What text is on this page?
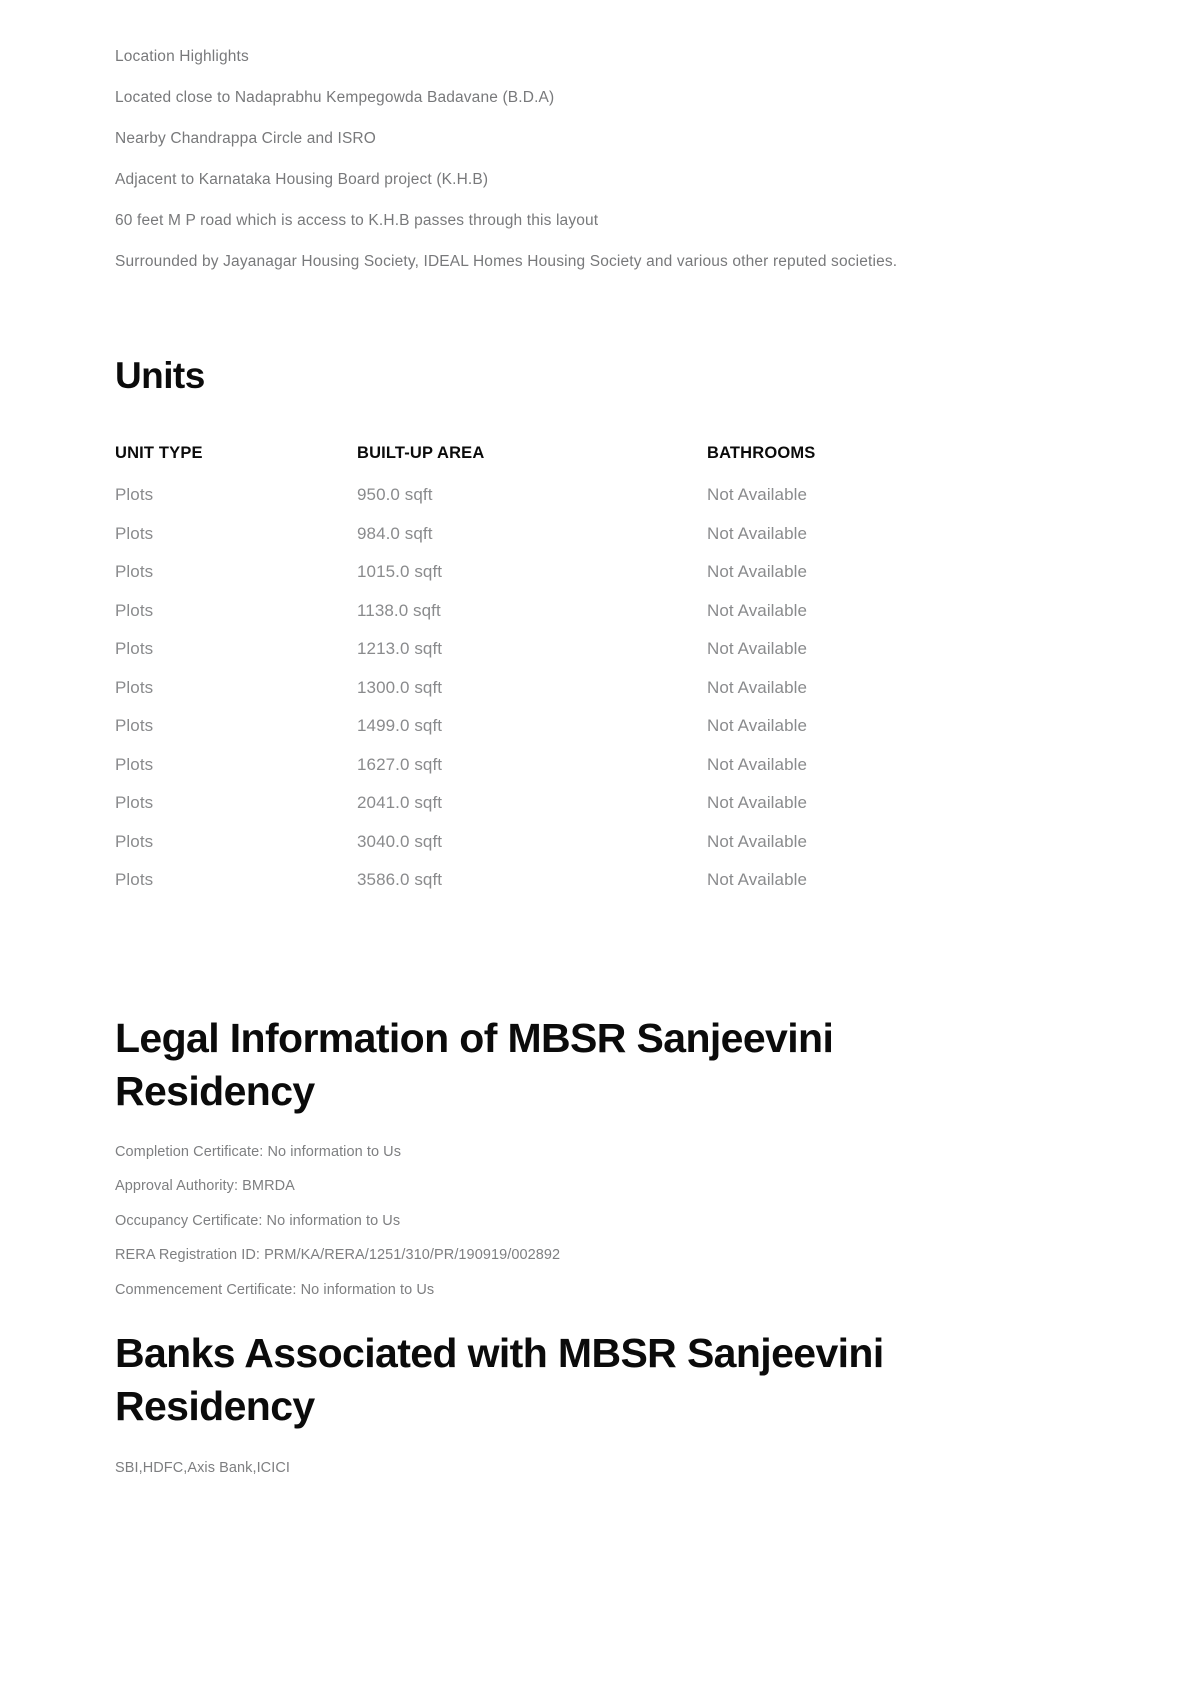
Location Highlights

Located close to Nadaprabhu Kempegowda Badavane (B.D.A)

Nearby Chandrappa Circle and ISRO

Adjacent to Karnataka Housing Board project (K.H.B)

60 feet M P road which is access to K.H.B passes through this layout

Surrounded by Jayanagar Housing Society, IDEAL Homes Housing Society and various other reputed societies.

Units
UNIT TYPE	BUILT-UP AREA	BATHROOMS
Plots	950.0 sqft	Not Available
Plots	984.0 sqft	Not Available
Plots	1015.0 sqft	Not Available
Plots	1138.0 sqft	Not Available
Plots	1213.0 sqft	Not Available
Plots	1300.0 sqft	Not Available
Plots	1499.0 sqft	Not Available
Plots	1627.0 sqft	Not Available
Plots	2041.0 sqft	Not Available
Plots	3040.0 sqft	Not Available
Plots	3586.0 sqft	Not Available
Legal Information of MBSR Sanjeevini Residency
Completion Certificate: No information to Us
Approval Authority: BMRDA
Occupancy Certificate: No information to Us
RERA Registration ID: PRM/KA/RERA/1251/310/PR/190919/002892
Commencement Certificate: No information to Us
Banks Associated with MBSR Sanjeevini Residency

SBI,HDFC,Axis Bank,ICICI
